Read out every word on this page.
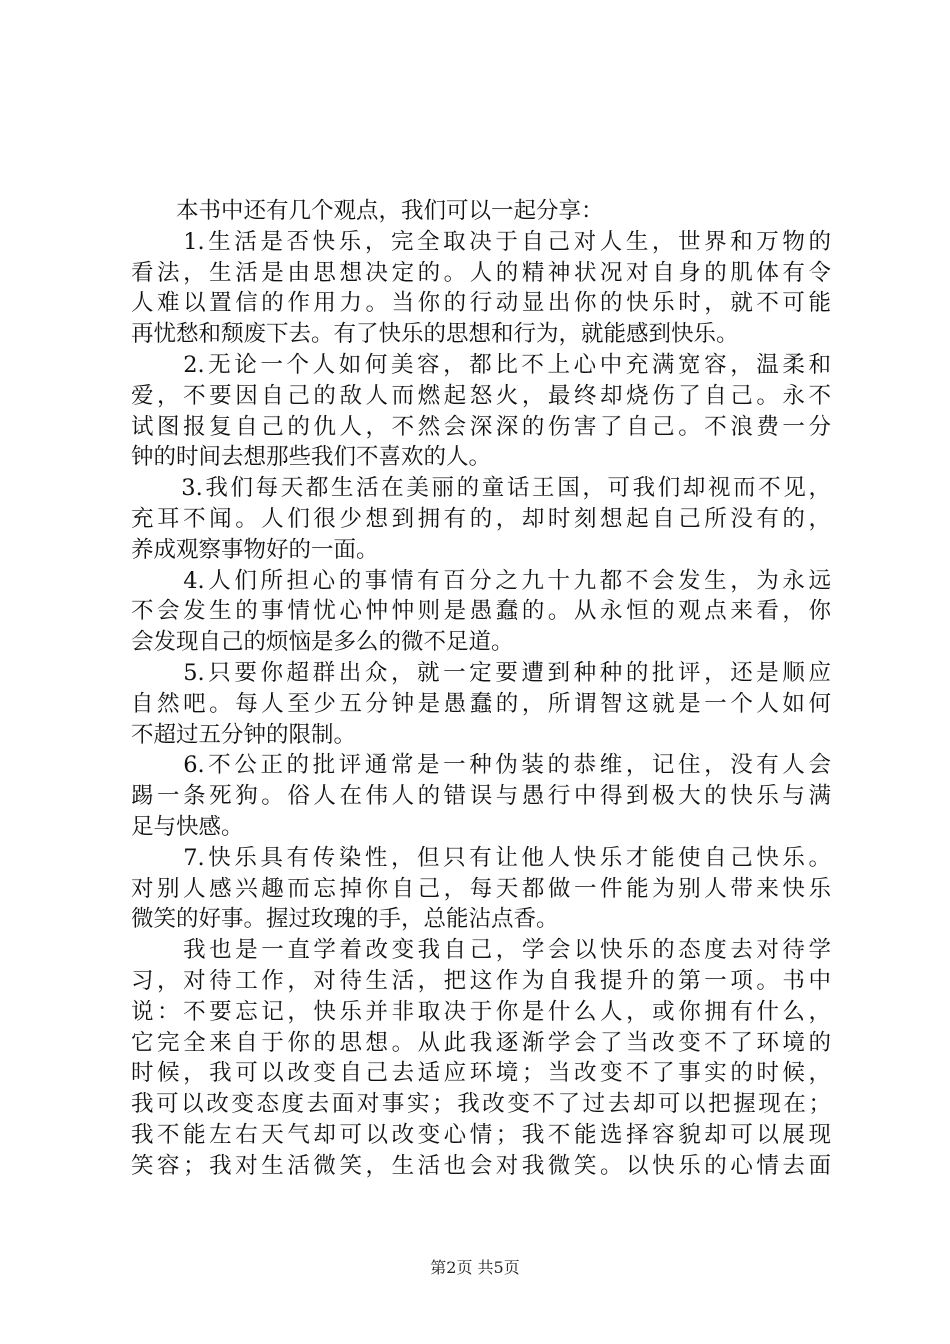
　　本书中还有几个观点，我们可以一起分享：
　　1.生活是否快乐，完全取决于自己对人生，世界和万物的
看法，生活是由思想决定的。人的精神状况对自身的肌体有令
人难以置信的作用力。当你的行动显出你的快乐时，就不可能
再忧愁和颓废下去。有了快乐的思想和行为，就能感到快乐。
　　2.无论一个人如何美容，都比不上心中充满宽容，温柔和
爱，不要因自己的敌人而燃起怒火，最终却烧伤了自己。永不
试图报复自己的仇人，不然会深深的伤害了自己。不浪费一分
钟的时间去想那些我们不喜欢的人。
　　3.我们每天都生活在美丽的童话王国，可我们却视而不见，
充耳不闻。人们很少想到拥有的，却时刻想起自己所没有的，
养成观察事物好的一面。
　　4.人们所担心的事情有百分之九十九都不会发生，为永远
不会发生的事情忧心忡忡则是愚蠢的。从永恒的观点来看，你
会发现自己的烦恼是多么的微不足道。
　　5.只要你超群出众，就一定要遭到种种的批评，还是顺应
自然吧。每人至少五分钟是愚蠢的，所谓智这就是一个人如何
不超过五分钟的限制。
　　6.不公正的批评通常是一种伪装的恭维，记住，没有人会
踢一条死狗。俗人在伟人的错误与愚行中得到极大的快乐与满
足与快感。
　　7.快乐具有传染性，但只有让他人快乐才能使自己快乐。
对别人感兴趣而忘掉你自己，每天都做一件能为别人带来快乐
微笑的好事。握过玫瑰的手，总能沾点香。
　　我也是一直学着改变我自己，学会以快乐的态度去对待学
习，对待工作，对待生活，把这作为自我提升的第一项。书中
说：不要忘记，快乐并非取决于你是什么人，或你拥有什么，
它完全来自于你的思想。从此我逐渐学会了当改变不了环境的
时候，我可以改变自己去适应环境；当改变不了事实的时候，
我可以改变态度去面对事实；我改变不了过去却可以把握现在；
我不能左右天气却可以改变心情；我不能选择容貌却可以展现
笑容；我对生活微笑，生活也会对我微笑。以快乐的心情去面
第2页 共5页
